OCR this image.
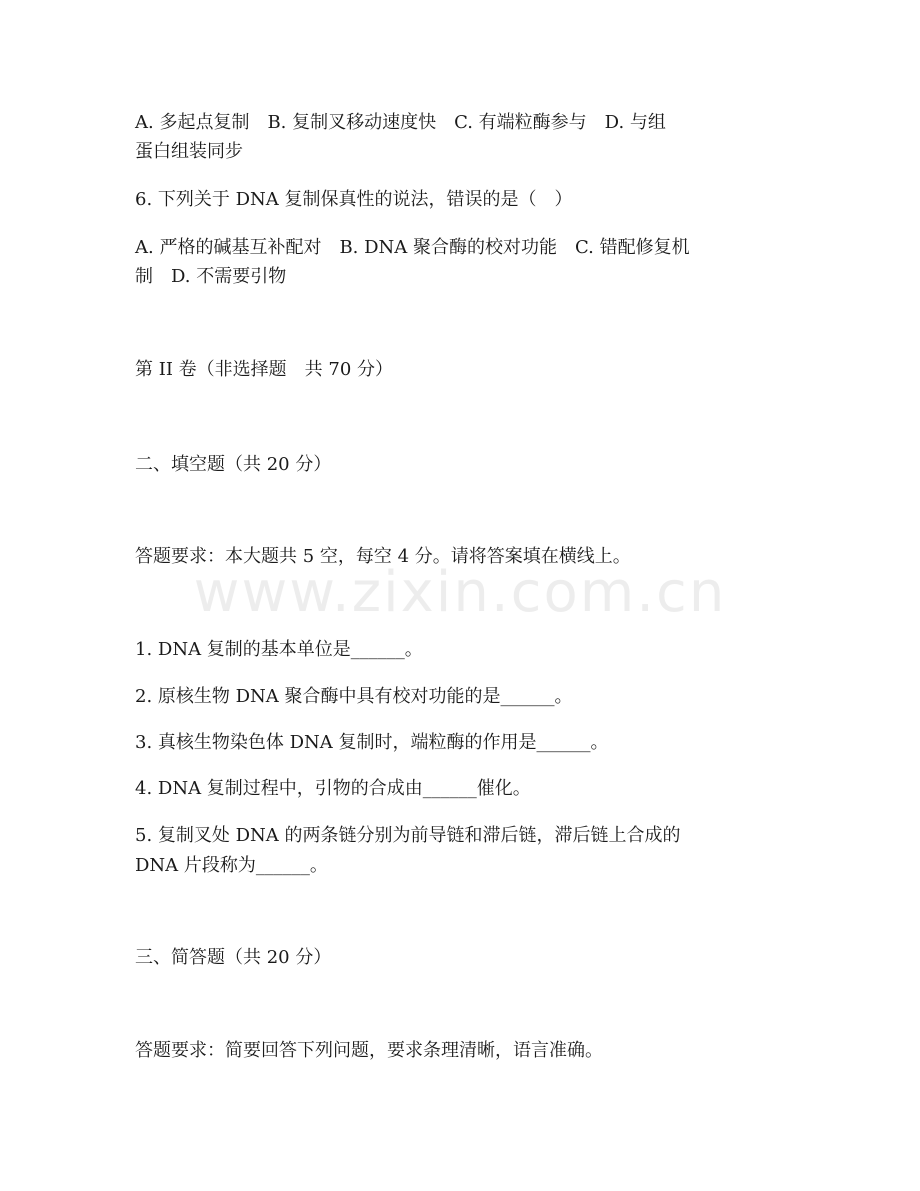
www.zixin.com.cn
A. 多起点复制　B. 复制叉移动速度快　C. 有端粒酶参与　D. 与组
蛋白组装同步
6. 下列关于 DNA 复制保真性的说法，错误的是（　）
A. 严格的碱基互补配对　B. DNA 聚合酶的校对功能　C. 错配修复机
制　D. 不需要引物
第 II 卷（非选择题　共 70 分）
二、填空题（共 20 分）
答题要求：本大题共 5 空，每空 4 分。请将答案填在横线上。
1. DNA 复制的基本单位是______。
2. 原核生物 DNA 聚合酶中具有校对功能的是______。
3. 真核生物染色体 DNA 复制时，端粒酶的作用是______。
4. DNA 复制过程中，引物的合成由______催化。
5. 复制叉处 DNA 的两条链分别为前导链和滞后链，滞后链上合成的
DNA 片段称为______。
三、简答题（共 20 分）
答题要求：简要回答下列问题，要求条理清晰，语言准确。
